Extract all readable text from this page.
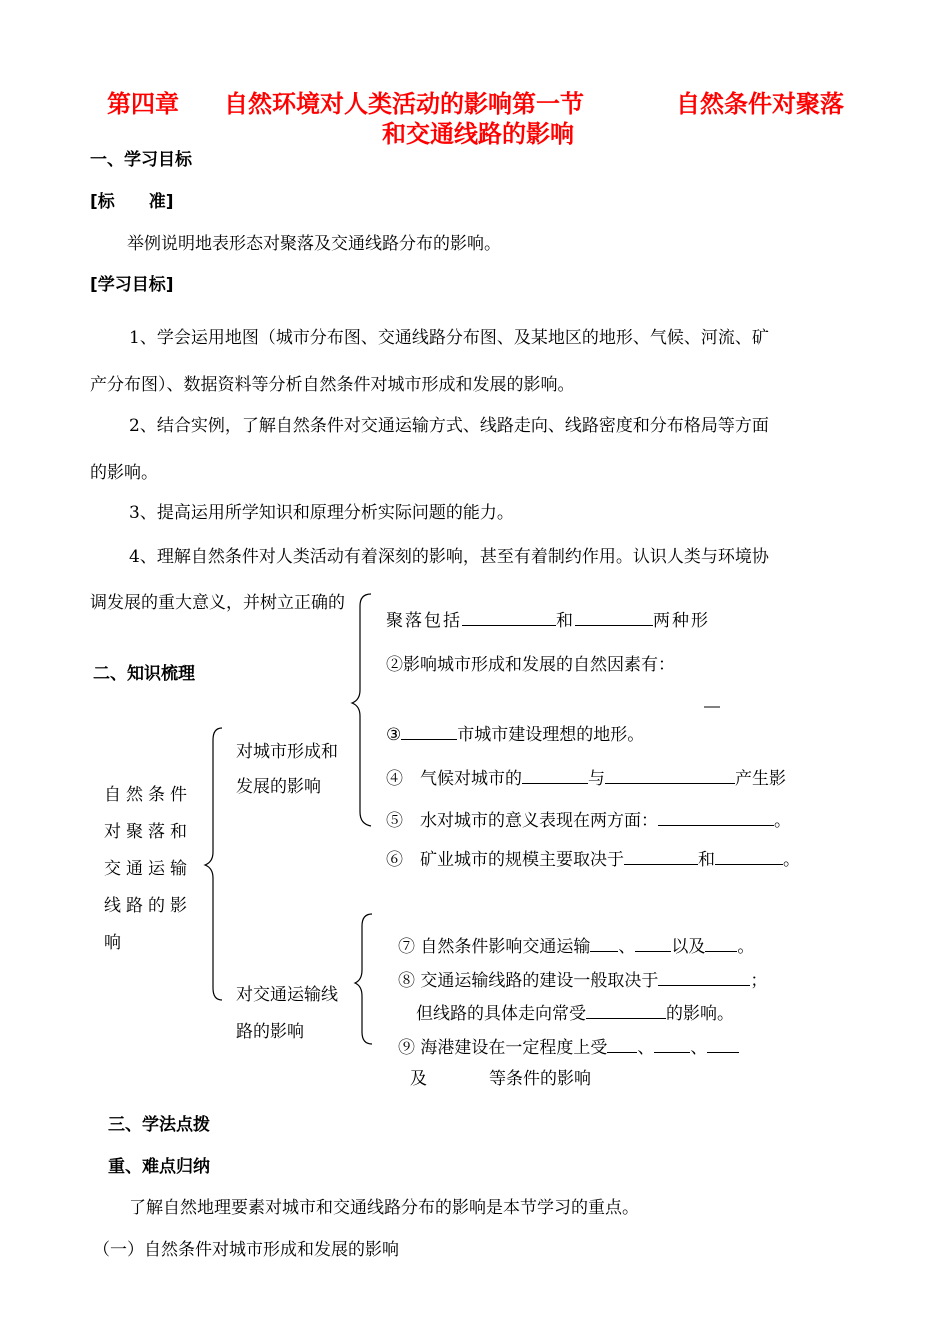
第四章 自然环境对人类活动的影响第一节	自然条件对聚落
和交通线路的影响
一、学习目标
[标　　准]
举例说明地表形态对聚落及交通线路分布的影响。
[学习目标]
1、学会运用地图（城市分布图、交通线路分布图、及某地区的地形、气候、河流、矿
产分布图）、数据资料等分析自然条件对城市形成和发展的影响。
2、结合实例，了解自然条件对交通运输方式、线路走向、线路密度和分布格局等方面
的影响。
3、提高运用所学知识和原理分析实际问题的能力。
4、理解自然条件对人类活动有着深刻的影响，甚至有着制约作用。认识人类与环境协
调发展的重大意义，并树立正确的
二、知识梳理
自然条件
对聚落和
交通运输
线路的影
响
对城市形成和
发展的影响
对交通运输线
路的影响
聚落包括	和	两种形
②影响城市形成和发展的自然因素有：
③	市城市建设理想的地形。
④　气候对城市的	与	产生影
⑤　水对城市的意义表现在两方面：	。
⑥　矿业城市的规模主要取决于	和	。
⑦ 自然条件影响交通运输 、 以及 。
⑧ 交通运输线路的建设一般取决于	；
但线路的具体走向常受	的影响。
⑨ 海港建设在一定程度上受 、 、
及	等条件的影响
三、学法点拨
重、难点归纳
了解自然地理要素对城市和交通线路分布的影响是本节学习的重点。
（一）自然条件对城市形成和发展的影响
